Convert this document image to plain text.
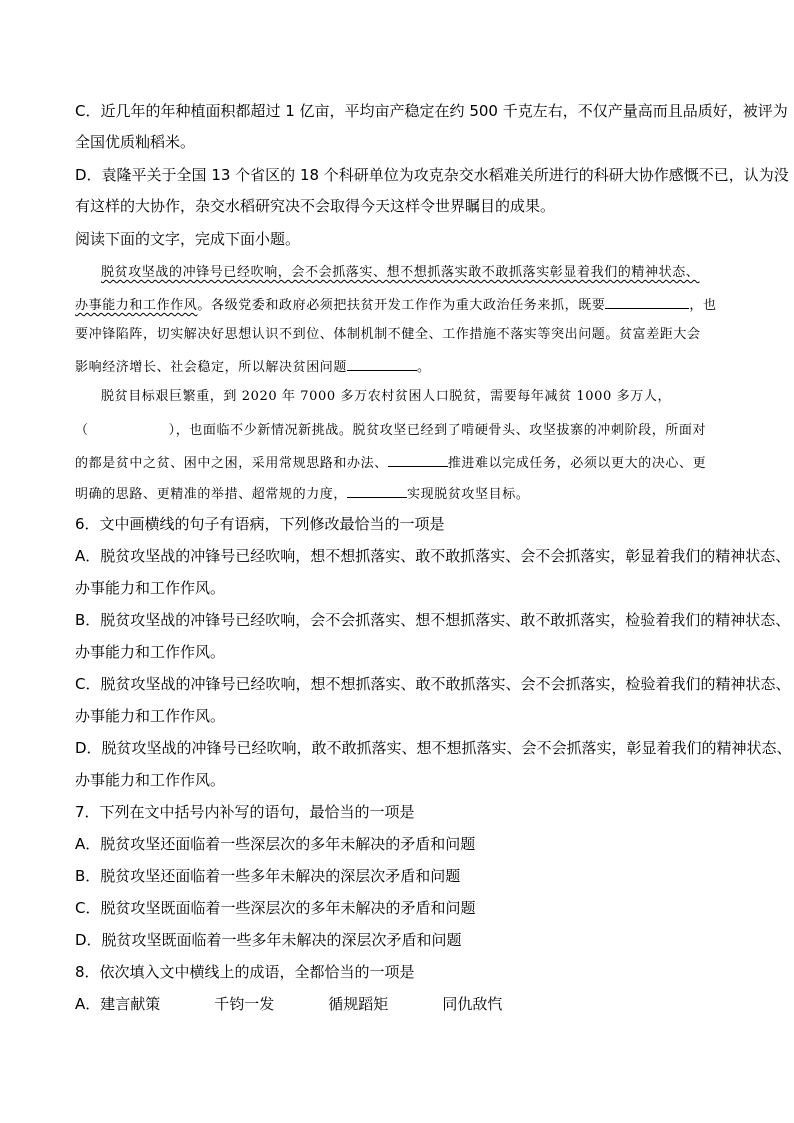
C．近几年的年种植面积都超过 1 亿亩，平均亩产稳定在约 500 千克左右，不仅产量高而且品质好，被评为
全国优质籼稻米。
D．袁隆平关于全国 13 个省区的 18 个科研单位为攻克杂交水稻难关所进行的科研大协作感慨不已，认为没
有这样的大协作，杂交水稻研究决不会取得今天这样令世界瞩目的成果。
阅读下面的文字，完成下面小题。
脱贫攻坚战的冲锋号已经吹响，会不会抓落实、想不想抓落实敢不敢抓落实彰显着我们的精神状态、
办事能力和工作作风。各级党委和政府必须把扶贫开发工作作为重大政治任务来抓，既要	，也
要冲锋陷阵，切实解决好思想认识不到位、体制机制不健全、工作措施不落实等突出问题。贫富差距大会
影响经济增长、社会稳定，所以解决贫困问题	。
脱贫目标艰巨繁重，到 2020 年 7000 多万农村贫困人口脱贫，需要每年减贫 1000 多万人，
（	），也面临不少新情况新挑战。脱贫攻坚已经到了啃硬骨头、攻坚拔寨的冲刺阶段，所面对
的都是贫中之贫、困中之困，采用常规思路和办法、	推进难以完成任务，必须以更大的决心、更
明确的思路、更精准的举措、超常规的力度，	实现脱贫攻坚目标。
6．文中画横线的句子有语病，下列修改最恰当的一项是
A．脱贫攻坚战的冲锋号已经吹响，想不想抓落实、敢不敢抓落实、会不会抓落实，彰显着我们的精神状态、
办事能力和工作作风。
B．脱贫攻坚战的冲锋号已经吹响，会不会抓落实、想不想抓落实、敢不敢抓落实，检验着我们的精神状态、
办事能力和工作作风。
C．脱贫攻坚战的冲锋号已经吹响，想不想抓落实、敢不敢抓落实、会不会抓落实，检验着我们的精神状态、
办事能力和工作作风。
D．脱贫攻坚战的冲锋号已经吹响，敢不敢抓落实、想不想抓落实、会不会抓落实，彰显着我们的精神状态、
办事能力和工作作风。
7．下列在文中括号内补写的语句，最恰当的一项是
A．脱贫攻坚还面临着一些深层次的多年未解决的矛盾和问题
B．脱贫攻坚还面临着一些多年未解决的深层次矛盾和问题
C．脱贫攻坚既面临着一些深层次的多年未解决的矛盾和问题
D．脱贫攻坚既面临着一些多年未解决的深层次矛盾和问题
8．依次填入文中横线上的成语，全都恰当的一项是
A．建言献策	千钧一发	循规蹈矩	同仇敌忾
